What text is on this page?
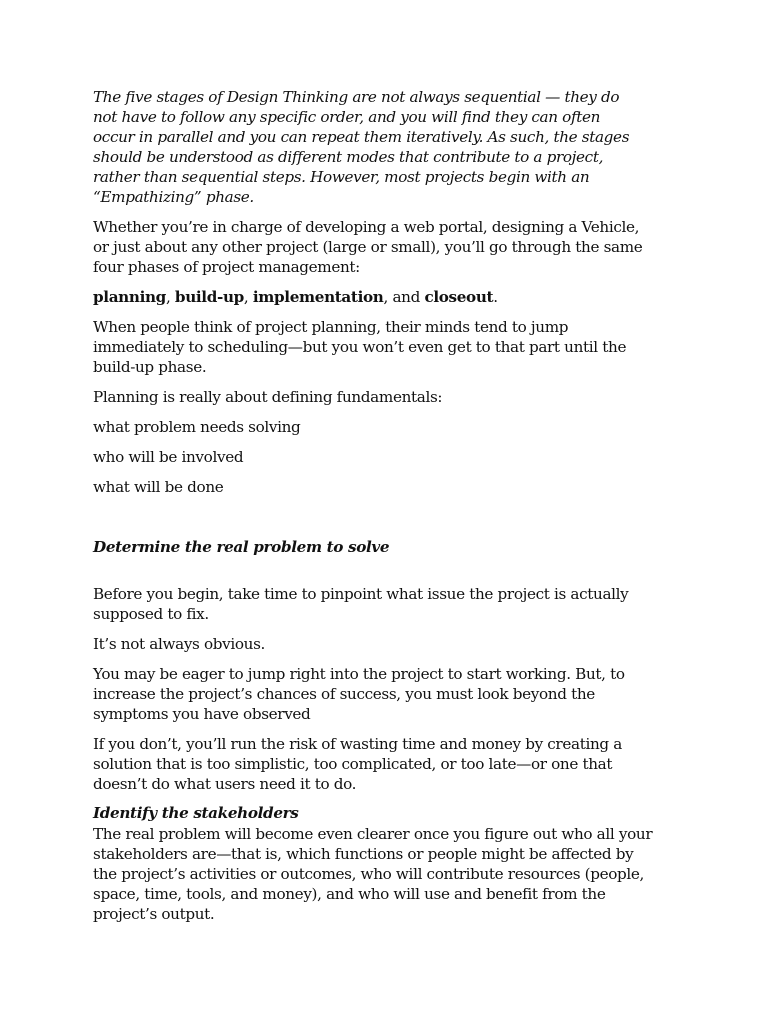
The five stages of Design Thinking are not always sequential — they do
not have to follow any specific order, and you will find they can often
occur in parallel and you can repeat them iteratively. As such, the stages
should be understood as different modes that contribute to a project,
rather than sequential steps. However, most projects begin with an
“Empathizing” phase.
Whether you’re in charge of developing a web portal, designing a Vehicle,
or just about any other project (large or small), you’ll go through the same
four phases of project management:
planning, build-up, implementation, and closeout.
When people think of project planning, their minds tend to jump
immediately to scheduling—but you won’t even get to that part until the
build-up phase.
Planning is really about defining fundamentals:
what problem needs solving
who will be involved
what will be done
Determine the real problem to solve
Before you begin, take time to pinpoint what issue the project is actually
supposed to fix.
It’s not always obvious.
You may be eager to jump right into the project to start working. But, to
increase the project’s chances of success, you must look beyond the
symptoms you have observed
If you don’t, you’ll run the risk of wasting time and money by creating a
solution that is too simplistic, too complicated, or too late—or one that
doesn’t do what users need it to do.
Identify the stakeholders
The real problem will become even clearer once you figure out who all your
stakeholders are—that is, which functions or people might be affected by
the project’s activities or outcomes, who will contribute resources (people,
space, time, tools, and money), and who will use and benefit from the
project’s output.
